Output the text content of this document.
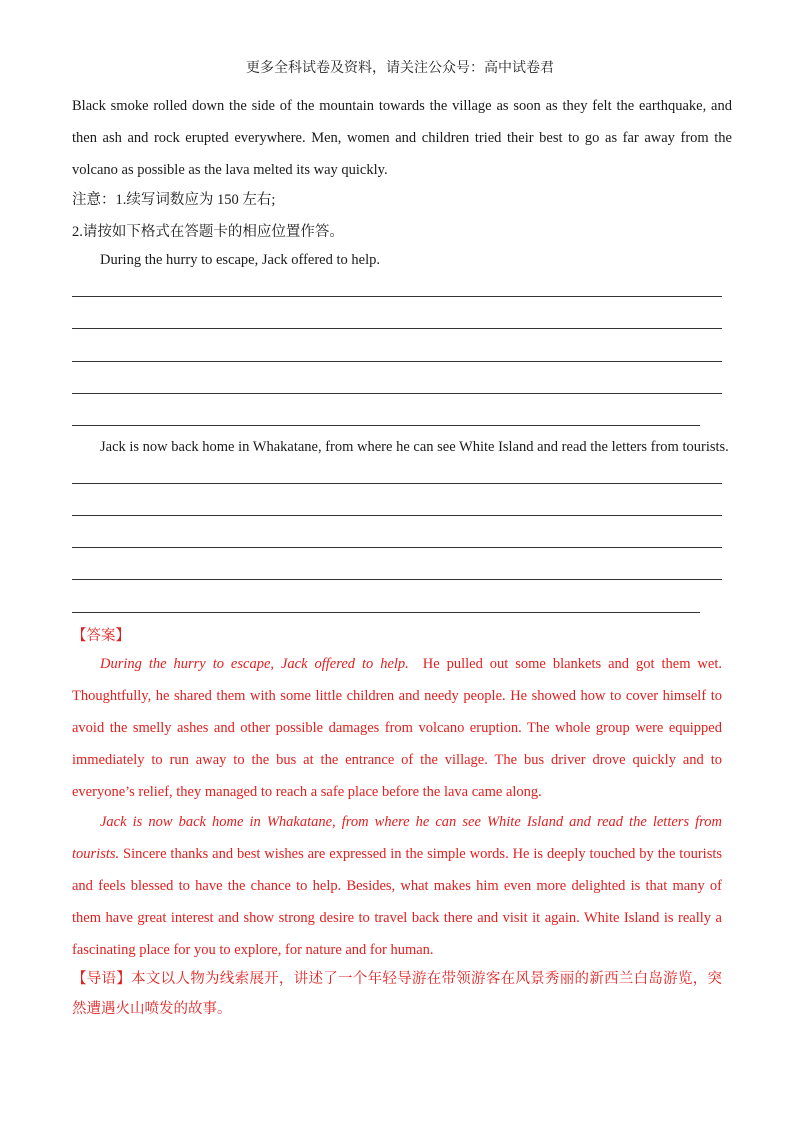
更多全科试卷及资料，请关注公众号：高中试卷君
Black smoke rolled down the side of the mountain towards the village as soon as they felt the earthquake, and then ash and rock erupted everywhere. Men, women and children tried their best to go as far away from the volcano as possible as the lava melted its way quickly.
注意：1.续写词数应为 150 左右;
2.请按如下格式在答题卡的相应位置作答。
During the hurry to escape, Jack offered to help.
Jack is now back home in Whakatane, from where he can see White Island and read the letters from tourists.
【答案】
During the hurry to escape, Jack offered to help. He pulled out some blankets and got them wet. Thoughtfully, he shared them with some little children and needy people. He showed how to cover himself to avoid the smelly ashes and other possible damages from volcano eruption. The whole group were equipped immediately to run away to the bus at the entrance of the village. The bus driver drove quickly and to everyone’s relief, they managed to reach a safe place before the lava came along.
Jack is now back home in Whakatane, from where he can see White Island and read the letters from tourists. Sincere thanks and best wishes are expressed in the simple words. He is deeply touched by the tourists and feels blessed to have the chance to help. Besides, what makes him even more delighted is that many of them have great interest and show strong desire to travel back there and visit it again. White Island is really a fascinating place for you to explore, for nature and for human.
【导语】本文以人物为线索展开，讲述了一个年轻导游在带领游客在风景秀丽的新西兰白岛游览，突然遭遇火山喷发的故事。
